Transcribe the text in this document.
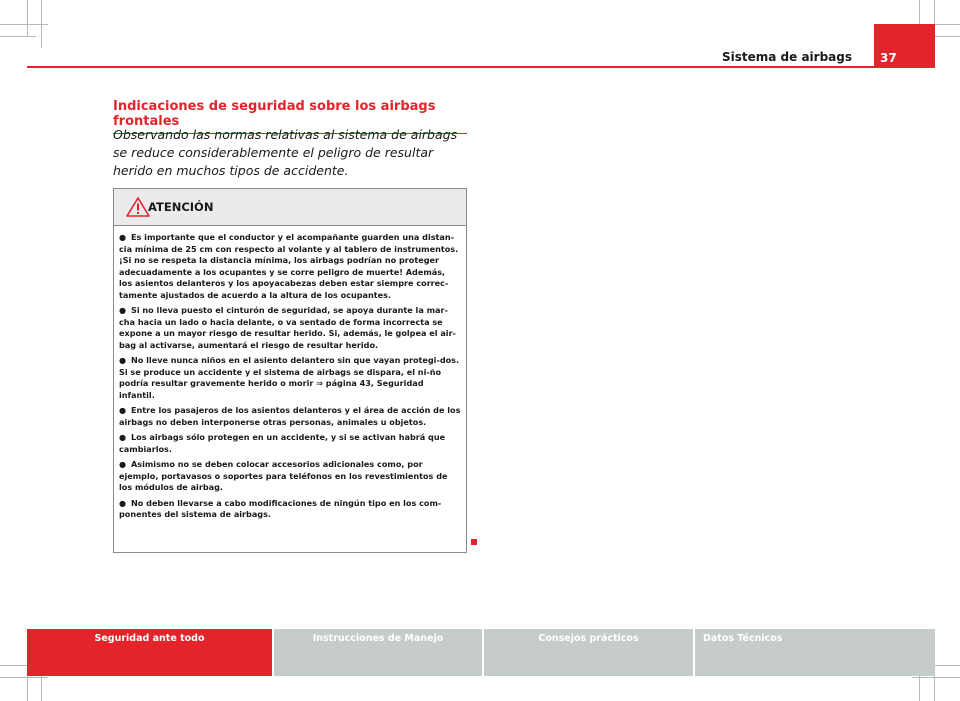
Sistema de airbags 37
Indicaciones de seguridad sobre los airbags frontales
Observando las normas relativas al sistema de airbags se reduce considerablemente el peligro de resultar herido en muchos tipos de accidente.
ATENCIÓN
● Es importante que el conductor y el acompañante guarden una distan-cia mínima de 25 cm con respecto al volante y al tablero de instrumentos. ¡Si no se respeta la distancia mínima, los airbags podrían no proteger adecuadamente a los ocupantes y se corre peligro de muerte! Además, los asientos delanteros y los apoyacabezas deben estar siempre correc-tamente ajustados de acuerdo a la altura de los ocupantes.
● Si no lleva puesto el cinturón de seguridad, se apoya durante la mar-cha hacia un lado o hacia delante, o va sentado de forma incorrecta se expone a un mayor riesgo de resultar herido. Si, además, le golpea el air-bag al activarse, aumentará el riesgo de resultar herido.
● No lleve nunca niños en el asiento delantero sin que vayan protegi-dos. Si se produce un accidente y el sistema de airbags se dispara, el ni-ño podría resultar gravemente herido o morir ⇒ página 43, Seguridad infantil.
● Entre los pasajeros de los asientos delanteros y el área de acción de los airbags no deben interponerse otras personas, animales u objetos.
● Los airbags sólo protegen en un accidente, y si se activan habrá que cambiarlos.
● Asimismo no se deben colocar accesorios adicionales como, por ejemplo, portavasos o soportes para teléfonos en los revestimientos de los módulos de airbag.
● No deben llevarse a cabo modificaciones de ningún tipo en los com-ponentes del sistema de airbags.
Seguridad ante todo	Instrucciones de Manejo	Consejos prácticos	Datos Técnicos
